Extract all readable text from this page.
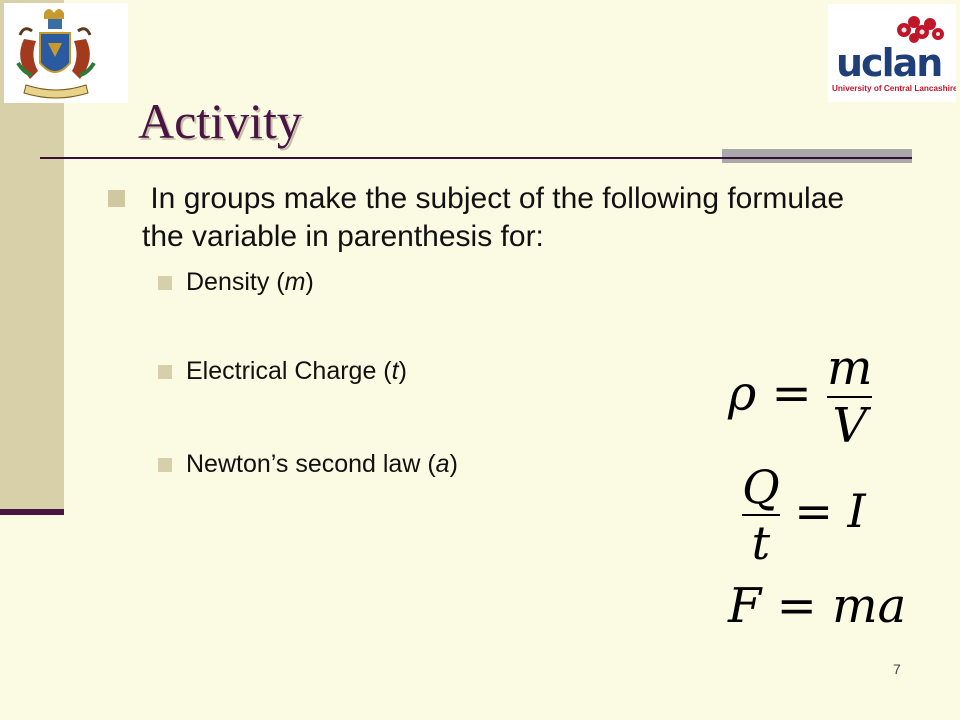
uclan
University of Central Lancashire
Activity
In groups make the subject of the following formulae the variable in parenthesis for:
Density ( m )
Electrical Charge ( t )
Newton’s second law ( a )
$\rho = \frac{m}{V}$
$\frac{Q}{t} = I$
F = ma
7
